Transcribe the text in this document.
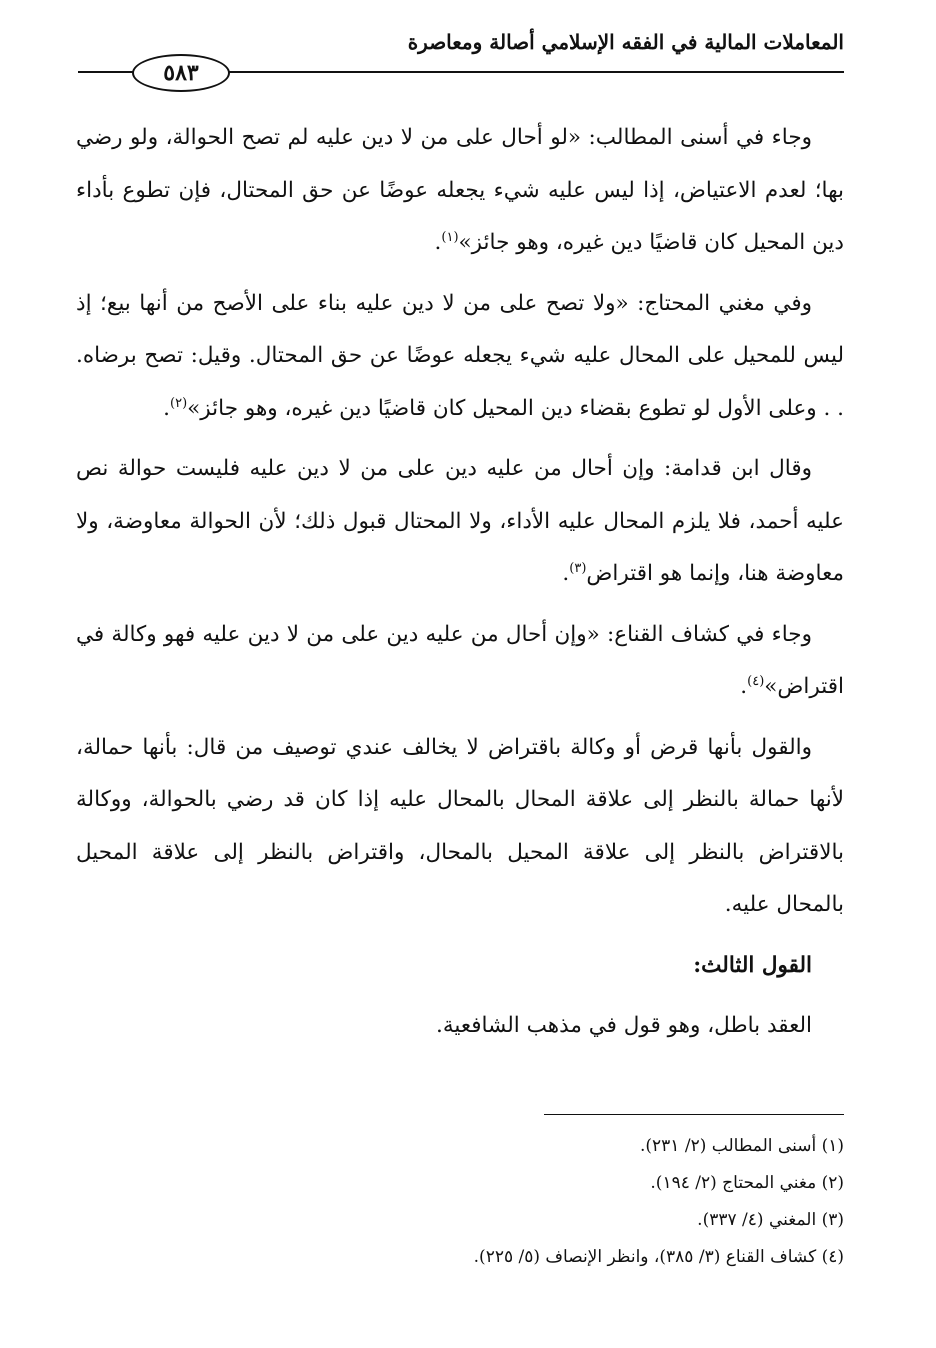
المعاملات المالية في الفقه الإسلامي أصالة ومعاصرة
٥٨٣

وجاء في أسنى المطالب: «لو أحال على من لا دين عليه لم تصح الحوالة، ولو رضي بها؛ لعدم الاعتياض، إذا ليس عليه شيء يجعله عوضًا عن حق المحتال، فإن تطوع بأداء دين المحيل كان قاضيًا دين غيره، وهو جائز»$^{(١)}$.

وفي مغني المحتاج: «ولا تصح على من لا دين عليه بناء على الأصح من أنها بيع؛ إذ ليس للمحيل على المحال عليه شيء يجعله عوضًا عن حق المحتال. وقيل: تصح برضاه. . . وعلى الأول لو تطوع بقضاء دين المحيل كان قاضيًا دين غيره، وهو جائز»$^{(٢)}$.

وقال ابن قدامة: وإن أحال من عليه دين على من لا دين عليه فليست حوالة نص عليه أحمد، فلا يلزم المحال عليه الأداء، ولا المحتال قبول ذلك؛ لأن الحوالة معاوضة، ولا معاوضة هنا، وإنما هو اقتراض$^{(٣)}$.

وجاء في كشاف القناع: «وإن أحال من عليه دين على من لا دين عليه فهو وكالة في اقتراض»$^{(٤)}$.

والقول بأنها قرض أو وكالة باقتراض لا يخالف عندي توصيف من قال: بأنها حمالة، لأنها حمالة بالنظر إلى علاقة المحال بالمحال عليه إذا كان قد رضي بالحوالة، ووكالة بالاقتراض بالنظر إلى علاقة المحيل بالمحال، واقتراض بالنظر إلى علاقة المحيل بالمحال عليه.

القول الثالث:

العقد باطل، وهو قول في مذهب الشافعية.

(١) أسنى المطالب (٢/ ٢٣١).
(٢) مغني المحتاج (٢/ ١٩٤).
(٣) المغني (٤/ ٣٣٧).
(٤) كشاف القناع (٣/ ٣٨٥)، وانظر الإنصاف (٥/ ٢٢٥).
